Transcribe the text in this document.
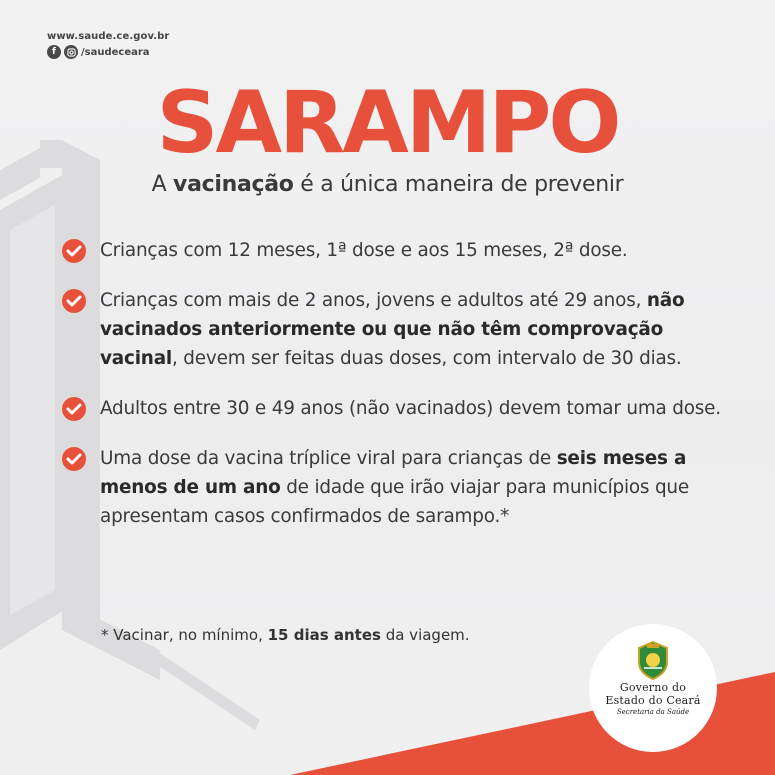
www.saude.ce.gov.br
f	/saudeceara
SARAMPO
A vacinação é a única maneira de prevenir
Crianças com 12 meses, 1ª dose e aos 15 meses, 2ª dose.
Crianças com mais de 2 anos, jovens e adultos até 29 anos, não vacinados anteriormente ou que não têm comprovação vacinal, devem ser feitas duas doses, com intervalo de 30 dias.
Adultos entre 30 e 49 anos (não vacinados) devem tomar uma dose.
Uma dose da vacina tríplice viral para crianças de seis meses a menos de um ano de idade que irão viajar para municípios que apresentam casos confirmados de sarampo.*
* Vacinar, no mínimo, 15 dias antes da viagem.
Governo do
Estado do Ceará
Secretaria da Saúde
